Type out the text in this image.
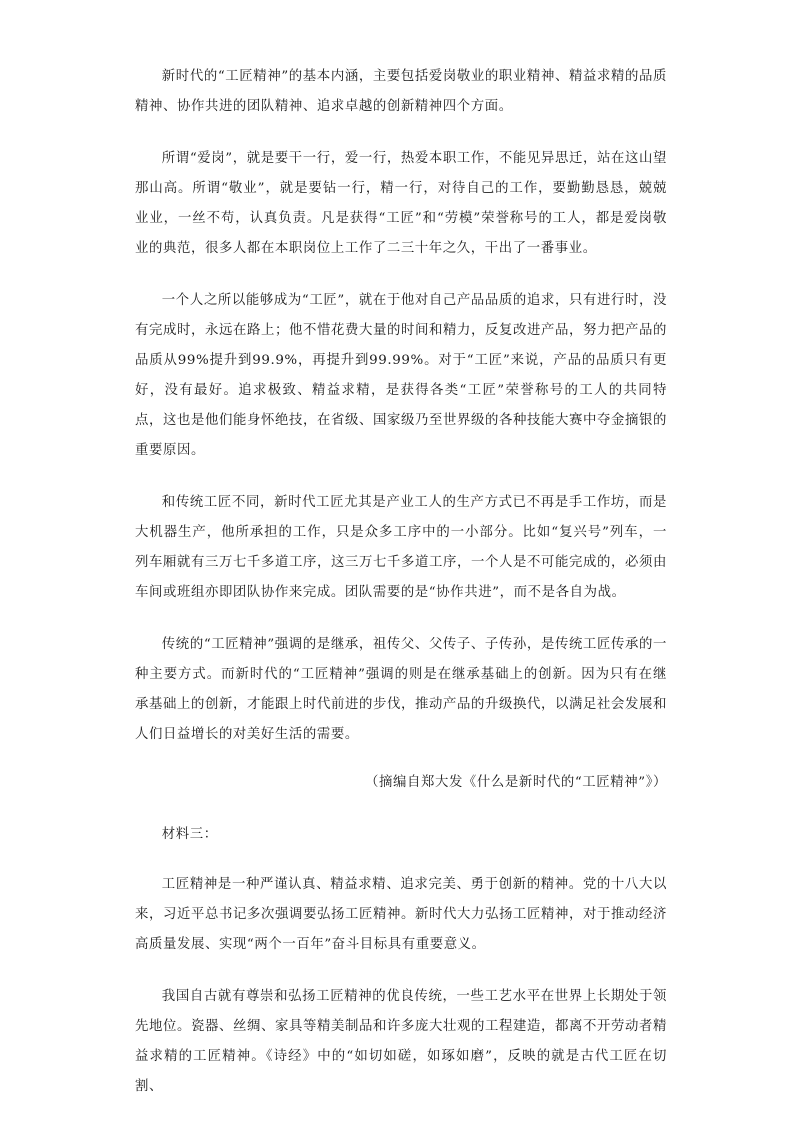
新时代的“工匠精神”的基本内涵，主要包括爱岗敬业的职业精神、精益求精的品质精神、协作共进的团队精神、追求卓越的创新精神四个方面。

所谓“爱岗”，就是要干一行，爱一行，热爱本职工作，不能见异思迁，站在这山望那山高。所谓“敬业”，就是要钻一行，精一行，对待自己的工作，要勤勤恳恳，兢兢业业，一丝不苟，认真负责。凡是获得“工匠”和“劳模”荣誉称号的工人，都是爱岗敬业的典范，很多人都在本职岗位上工作了二三十年之久，干出了一番事业。

一个人之所以能够成为“工匠”，就在于他对自己产品品质的追求，只有进行时，没有完成时，永远在路上；他不惜花费大量的时间和精力，反复改进产品，努力把产品的品质从99%提升到99.9%，再提升到99.99%。对于“工匠”来说，产品的品质只有更好，没有最好。追求极致、精益求精，是获得各类“工匠”荣誉称号的工人的共同特点，这也是他们能身怀绝技，在省级、国家级乃至世界级的各种技能大赛中夺金摘银的重要原因。

和传统工匠不同，新时代工匠尤其是产业工人的生产方式已不再是手工作坊，而是大机器生产，他所承担的工作，只是众多工序中的一小部分。比如“复兴号”列车，一列车厢就有三万七千多道工序，这三万七千多道工序，一个人是不可能完成的，必须由车间或班组亦即团队协作来完成。团队需要的是“协作共进”，而不是各自为战。

传统的“工匠精神”强调的是继承，祖传父、父传子、子传孙，是传统工匠传承的一种主要方式。而新时代的“工匠精神”强调的则是在继承基础上的创新。因为只有在继承基础上的创新，才能跟上时代前进的步伐，推动产品的升级换代，以满足社会发展和人们日益增长的对美好生活的需要。

（摘编自郑大发《什么是新时代的“工匠精神”》）

材料三：

工匠精神是一种严谨认真、精益求精、追求完美、勇于创新的精神。党的十八大以来，习近平总书记多次强调要弘扬工匠精神。新时代大力弘扬工匠精神，对于推动经济高质量发展、实现“两个一百年”奋斗目标具有重要意义。

我国自古就有尊崇和弘扬工匠精神的优良传统，一些工艺水平在世界上长期处于领先地位。瓷器、丝绸、家具等精美制品和许多庞大壮观的工程建造，都离不开劳动者精益求精的工匠精神。《诗经》中的“如切如磋，如琢如磨”，反映的就是古代工匠在切割、
